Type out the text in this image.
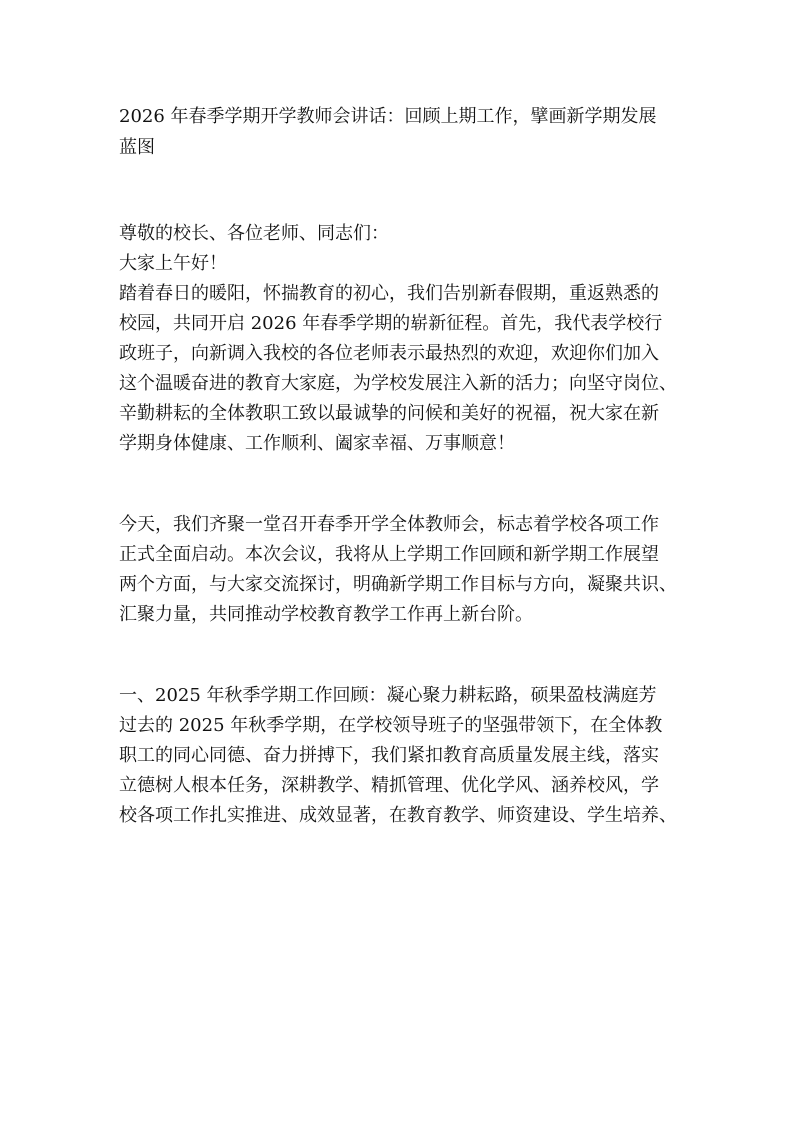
2026 年春季学期开学教师会讲话：回顾上期工作，擘画新学期发展
蓝图
尊敬的校长、各位老师、同志们：
大家上午好！
踏着春日的暖阳，怀揣教育的初心，我们告别新春假期，重返熟悉的
校园，共同开启 2026 年春季学期的崭新征程。首先，我代表学校行
政班子，向新调入我校的各位老师表示最热烈的欢迎，欢迎你们加入
这个温暖奋进的教育大家庭，为学校发展注入新的活力；向坚守岗位、
辛勤耕耘的全体教职工致以最诚挚的问候和美好的祝福，祝大家在新
学期身体健康、工作顺利、阖家幸福、万事顺意！
今天，我们齐聚一堂召开春季开学全体教师会，标志着学校各项工作
正式全面启动。本次会议，我将从上学期工作回顾和新学期工作展望
两个方面，与大家交流探讨，明确新学期工作目标与方向，凝聚共识、
汇聚力量，共同推动学校教育教学工作再上新台阶。
一、2025 年秋季学期工作回顾：凝心聚力耕耘路，硕果盈枝满庭芳
过去的 2025 年秋季学期，在学校领导班子的坚强带领下，在全体教
职工的同心同德、奋力拼搏下，我们紧扣教育高质量发展主线，落实
立德树人根本任务，深耕教学、精抓管理、优化学风、涵养校风，学
校各项工作扎实推进、成效显著，在教育教学、师资建设、学生培养、
